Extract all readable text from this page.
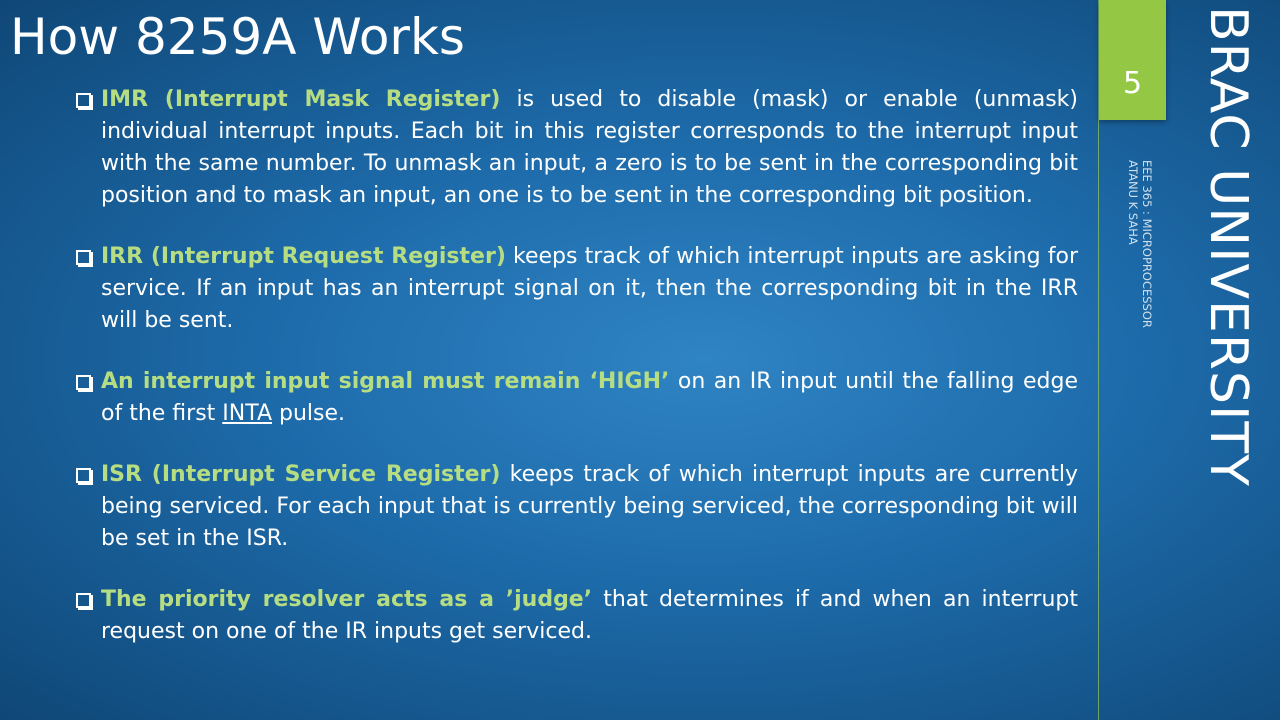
How 8259A Works
IMR (Interrupt Mask Register) is used to disable (mask) or enable (unmask) individual interrupt inputs. Each bit in this register corresponds to the interrupt input with the same number. To unmask an input, a zero is to be sent in the corresponding bit position and to mask an input, an one is to be sent in the corresponding bit position.
IRR (Interrupt Request Register) keeps track of which interrupt inputs are asking for service. If an input has an interrupt signal on it, then the corresponding bit in the IRR will be sent.
An interrupt input signal must remain ‘HIGH’ on an IR input until the falling edge of the first INTA pulse.
ISR (Interrupt Service Register) keeps track of which interrupt inputs are currently being serviced. For each input that is currently being serviced, the corresponding bit will be set in the ISR.
The priority resolver acts as a ’judge’ that determines if and when an interrupt request on one of the IR inputs get serviced.
5
EEE 365 : MICROPROCESSOR
ATANU K SAHA BRAC UNIVERSITY
